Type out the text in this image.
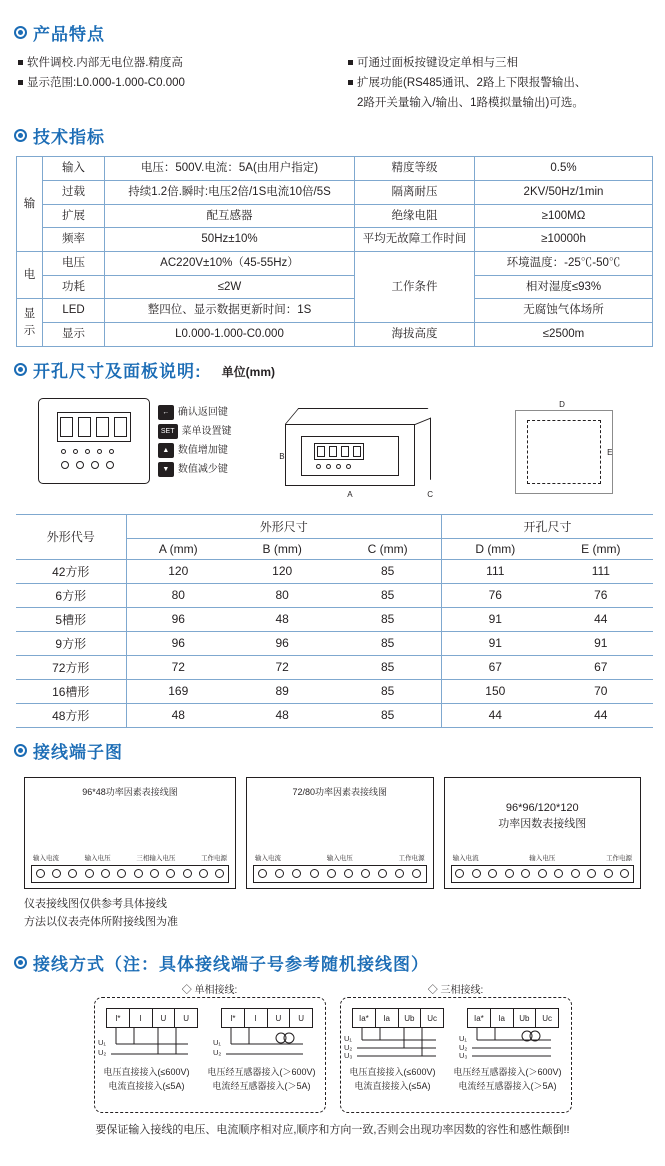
产品特点
软件调校.内部无电位器.精度高
显示范围:L0.000-1.000-C0.000
可通过面板按键设定单相与三相
扩展功能(RS485通讯、2路上下限报警输出、
2路开关量输入/输出、1路模拟量输出)可选。
技术指标
输	输入	电压：500V.电流：5A(由用户指定)	精度等级	0.5%
	过载	持续1.2倍.瞬时:电压2倍/1S电流10倍/5S	隔离耐压	2KV/50Hz/1min
	扩展	配互感器	绝缘电阻	≥100MΩ
	频率	50Hz±10%	平均无故障工作时间	≥10000h
电	电压	AC220V±10%（45-55Hz）	工作条件	环境温度：-25℃-50℃
	功耗	≤2W		相对湿度≤93%
显
示	LED	整四位、显示数据更新时间：1S		无腐蚀气体场所
	显示	L0.000-1.000-C0.000	海拔高度	≤2500m
开孔尺寸及面板说明: 单位(mm)
← 确认返回键
SET 菜单设置键
▲ 数值增加键
▼ 数值减少键
B
A	C
D
E
外形代号	外形尺寸			开孔尺寸	
	A (mm)	B (mm)	C (mm)	D (mm)	E (mm)
42方形	120	120	85	111	111
6方形	80	80	85	76	76
5槽形	96	48	85	91	44
9方形	96	96	85	91	91
72方形	72	72	85	67	67
16槽形	169	89	85	150	70
48方形	48	48	85	44	44
接线端子图
96*48功率因素表接线图
输入电流	输入电压	三相输入电压	工作电源
仪表接线图仅供参考具体接线
方法以仪表壳体所附接线图为准
72/80功率因素表接线图
输入电流	输入电压	工作电源
96*96/120*120
功率因数表接线图
输入电流	输入电压	工作电源
接线方式（注：具体接线端子号参考随机接线图）
◇ 单相接线:
I*	I	U	U
U₁
U₂
I*	I	U	U
U₁
U₂
电压直接接入(≤600V)
电流直接接入(≤5A)
电压经互感器接入(＞600V)
电流经互感器接入(＞5A)
◇ 三相接线:
Ia*	Ia	Ub	Uc
U₁
U₂
U₃
Ia*	Ia	Ub	Uc
U₁
U₂
U₃
电压直接接入(≤600V)
电流直接接入(≤5A)
电压经互感器接入(＞600V)
电流经互感器接入(＞5A)
要保证输入接线的电压、电流顺序相对应,顺序和方向一致,否则会出现功率因数的容性和感性颠倒!!
